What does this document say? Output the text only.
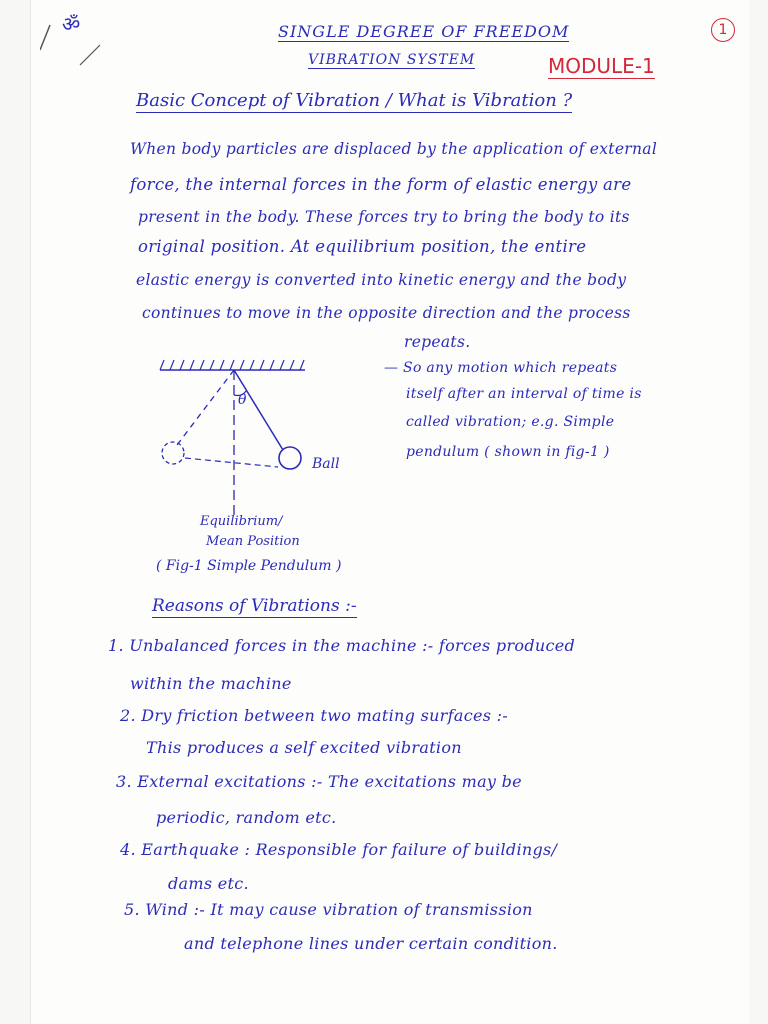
ॐ	1
SINGLE DEGREE OF FREEDOM
VIBRATION SYSTEM	MODULE-1
Basic Concept of Vibration / What is Vibration ?
When body particles are displaced by the application of external
force, the internal forces in the form of elastic energy are
present in the body. These forces try to bring the body to its
original position. At equilibrium position, the entire
elastic energy is converted into kinetic energy and the body
continues to move in the opposite direction and the process
repeats.
θ
Ball
Equilibrium/
Mean Position
( Fig-1 Simple Pendulum )
— So any motion which repeats
itself after an interval of time is
called vibration; e.g. Simple
pendulum ( shown in fig-1 )
Reasons of Vibrations :-
1. Unbalanced forces in the machine :- forces produced
within the machine
2. Dry friction between two mating surfaces :-
This produces a self excited vibration
3. External excitations :- The excitations may be
periodic, random etc.
4. Earthquake : Responsible for failure of buildings/
dams etc.
5. Wind :- It may cause vibration of transmission
and telephone lines under certain condition.
